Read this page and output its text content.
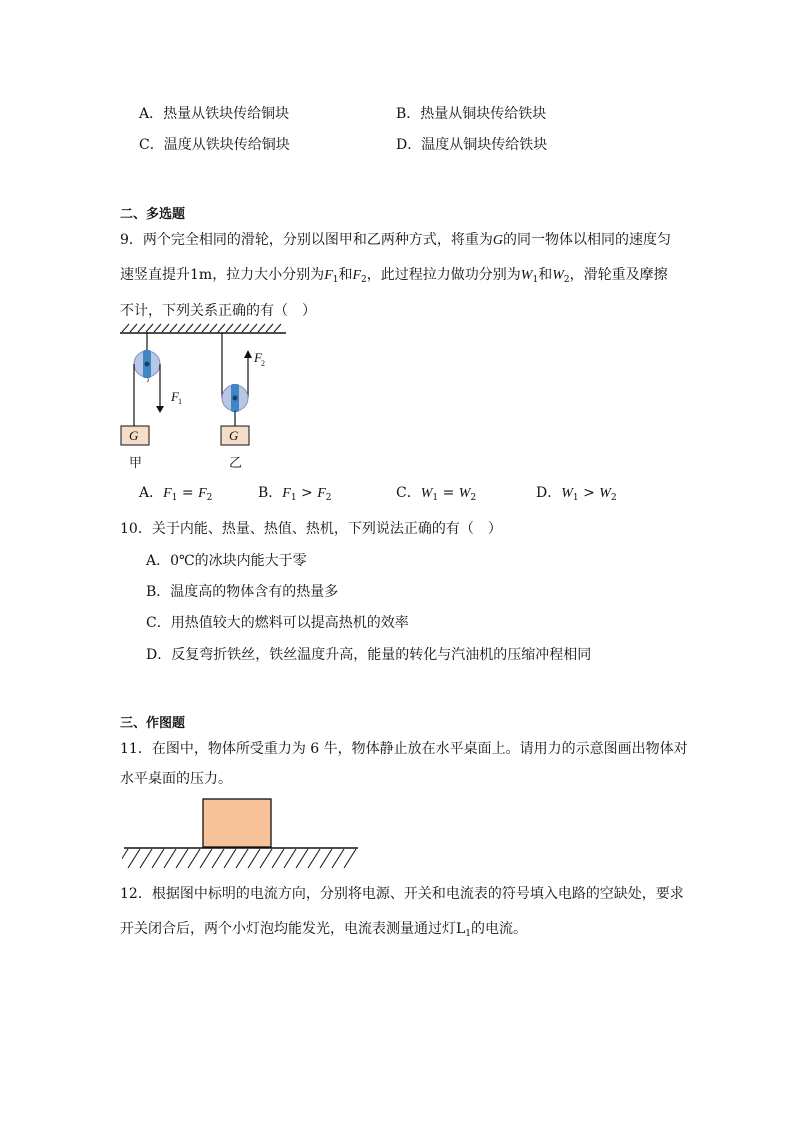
A．热量从铁块传给铜块	B．热量从铜块传给铁块
C．温度从铁块传给铜块	D．温度从铜块传给铁块
二、多选题
9．两个完全相同的滑轮，分别以图甲和乙两种方式，将重为G的同一物体以相同的速度匀
速竖直提升1m，拉力大小分别为$F_1$和$F_2$，此过程拉力做功分别为$W_1$和$W_2$，滑轮重及摩擦
不计，下列关系正确的有（　）
F 1
G
甲
F 2
G
乙
A．$F_1 = F_2$	B．$F_1 > F_2$	C．$W_1 = W_2$	D．$W_1 > W_2$
10．关于内能、热量、热值、热机，下列说法正确的有（　）
A．0℃的冰块内能大于零
B．温度高的物体含有的热量多
C．用热值较大的燃料可以提高热机的效率
D．反复弯折铁丝，铁丝温度升高，能量的转化与汽油机的压缩冲程相同
三、作图题
11．在图中，物体所受重力为 6 牛，物体静止放在水平桌面上。请用力的示意图画出物体对
水平桌面的压力。
12．根据图中标明的电流方向，分别将电源、开关和电流表的符号填入电路的空缺处，要求
开关闭合后，两个小灯泡均能发光，电流表测量通过灯$L_1$的电流。
